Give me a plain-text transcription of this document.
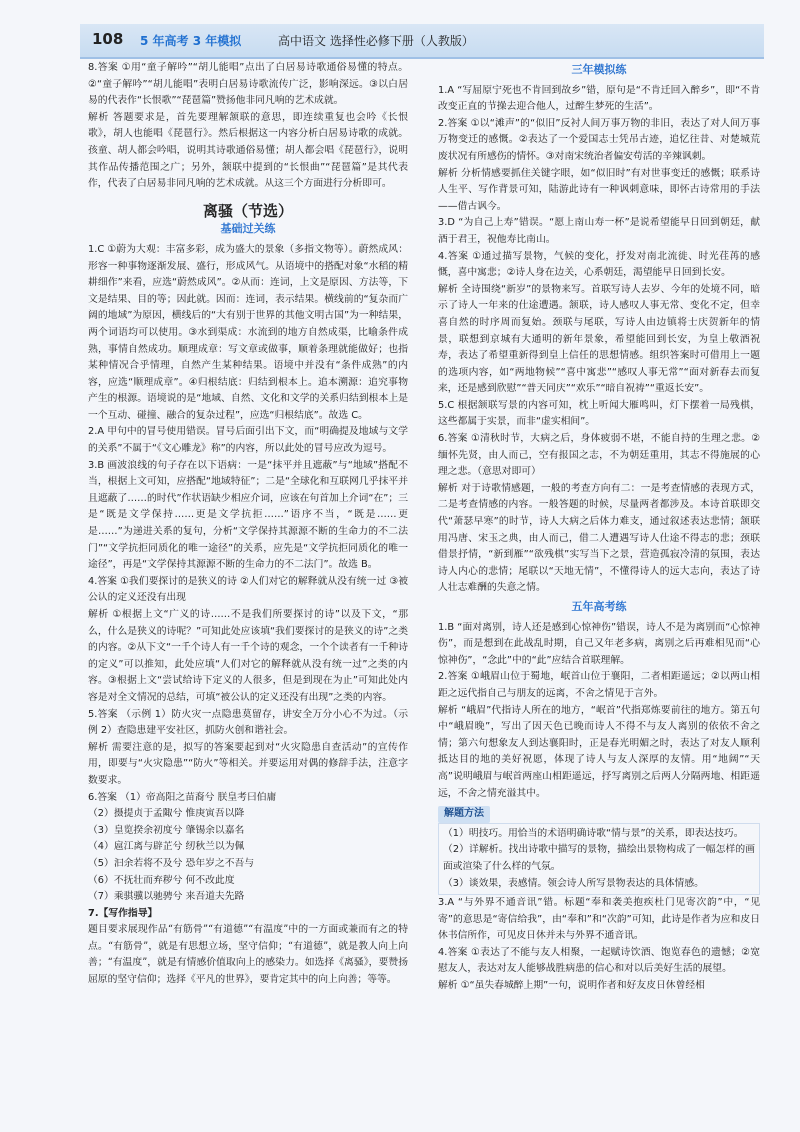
108 5 年高考 3 年模拟	高中语文 选择性必修下册（人教版）

8.答案 ①用“童子解吟”“胡儿能唱”点出了白居易诗歌通俗易懂的特点。②“童子解吟”“胡儿能唱”表明白居易诗歌流传广泛，影响深远。③以白居易的代表作“长恨歌”“琵琶篇”赞扬他非同凡响的艺术成就。

解析 答题要求是，首先要理解颔联的意思，即连续重复也会吟《长恨歌》，胡人也能唱《琵琶行》。然后根据这一内容分析白居易诗歌的成就。孩童、胡人都会吟唱，说明其诗歌通俗易懂；胡人都会唱《琵琶行》，说明其作品传播范围之广；另外，颔联中提到的“长恨曲”“琵琶篇”是其代表作，代表了白居易非同凡响的艺术成就。从这三个方面进行分析即可。

离骚（节选）
基础过关练

1.C ①蔚为大观：丰富多彩，成为盛大的景象（多指文物等）。蔚然成风：形容一种事物逐渐发展、盛行，形成风气。从语境中的搭配对象“水稻的精耕细作”来看，应选“蔚然成风”。②从而：连词，上文是原因、方法等，下文是结果、目的等；因此就。因而：连词，表示结果。横线前的“复杂而广阔的地域”为原因，横线后的“大有别于世界的其他文明古国”为一种结果，两个词语均可以使用。③水到渠成：水流到的地方自然成渠，比喻条件成熟，事情自然成功。顺理成章：写文章或做事，顺着条理就能做好；也指某种情况合乎情理，自然产生某种结果。语境中并没有“条件成熟”的内容，应选“顺理成章”。④归根结底：归结到根本上。追本溯源：追究事物产生的根源。语境说的是“地域、自然、文化和文学的关系归结到根本上是一个互动、碰撞、融合的复杂过程”，应选“归根结底”。故选 C。

2.A 甲句中的冒号使用错误。冒号后面引出下文，而“明确提及地域与文学的关系”不属于“《文心雕龙》称”的内容，所以此处的冒号应改为逗号。

3.B 画波浪线的句子存在以下语病：一是“抹平并且遮蔽”与“地域”搭配不当，根据上文可知，应搭配“地域特征”；二是“全球化和互联网几乎抹平并且遮蔽了……的时代”作状语缺少相应介词，应该在句首加上介词“在”；三是“既是文学保持……更是文学抗拒……”语序不当，“既是……更是……”为递进关系的复句，分析“文学保持其源源不断的生命力的不二法门”“文学抗拒同质化的唯一途径”的关系，应先是“文学抗拒同质化的唯一途径”，再是“文学保持其源源不断的生命力的不二法门”。故选 B。

4.答案 ①我们要探讨的是狭义的诗 ②人们对它的解释就从没有统一过 ③被公认的定义还没有出现

解析 ①根据上文“广义的诗……不是我们所要探讨的诗”以及下文，“那么，什么是狭义的诗呢？”可知此处应该填“我们要探讨的是狭义的诗”之类的内容。②从下文“一千个诗人有一千个诗的观念，一个个读者有一千种诗的定义”可以推知，此处应填“人们对它的解释就从没有统一过”之类的内容。③根据上文“尝试给诗下定义的人很多，但是到现在为止”可知此处内容是对全文情况的总结，可填“被公认的定义还没有出现”之类的内容。

5.答案 （示例 1）防火灾一点隐患莫留存，讲安全万分小心不为过。（示例 2）查隐患建平安社区，抓防火创和谐社会。

解析 需要注意的是，拟写的答案要起到对“火灾隐患自查活动”的宣传作用，即要与“火灾隐患”“防火”等相关。并要运用对偶的修辞手法，注意字数要求。

6.答案 （1）帝高阳之苗裔兮 朕皇考曰伯庸

（2）摄提贞于孟陬兮 惟庚寅吾以降

（3）皇览揆余初度兮 肇锡余以嘉名

（4）扈江离与辟芷兮 纫秋兰以为佩

（5）汩余若将不及兮 恐年岁之不吾与

（6）不抚壮而弃秽兮 何不改此度

（7）乘骐骥以驰骋兮 来吾道夫先路

7.【写作指导】

题目要求展现作品“有筋骨”“有道德”“有温度”中的一方面或兼而有之的特点。“有筋骨”，就是有思想立场，坚守信仰；“有道德”，就是教人向上向善；“有温度”，就是有情感价值取向上的感染力。如选择《离骚》，要赞扬屈原的坚守信仰；选择《平凡的世界》，要肯定其中的向上向善；等等。

三年模拟练

1.A “写屈原宁死也不肯回到故乡”错，原句是“不肯迁回入醉乡”，即“不肯改变正直的节操去迎合他人，过醉生梦死的生活”。

2.答案 ①以“滩声”的“似旧”反衬人间万事万物的非旧，表达了对人间万事万物变迁的感慨。②表达了一个爱国志士凭吊古迹，追忆往昔、对楚城荒废状况有所感伤的情怀。③对南宋统治者偏安苟活的辛辣讽刺。

解析 分析情感要抓住关键字眼，如“似旧时”有对世事变迁的感慨；联系诗人生平、写作背景可知，陆游此诗有一种讽刺意味，即怀古诗常用的手法——借古讽今。

3.D “为自己上寿”错误。“愿上南山寿一杯”是说希望能早日回到朝廷，献酒于君王，祝他寿比南山。

4.答案 ①通过描写景物，气候的变化，抒发对南北流徙、时光荏苒的感慨，喜中寓悲；②诗人身在边关，心系朝廷，渴望能早日回到长安。

解析 全诗围绕“新岁”的景物来写。首联写诗人去岁、今年的处境不同，暗示了诗人一年来的仕途遭遇。颔联，诗人感叹人事无常、变化不定，但幸喜自然的时序周而复始。颈联与尾联，写诗人由边镇将士庆贺新年的情景，联想到京城有大通明的新年景象，希望能回到长安，为皇上敬酒祝寿，表达了希望重新得到皇上信任的思想情感。组织答案时可借用上一题的选项内容，如“两地物候”“喜中寓悲”“感叹人事无常”“面对新春去而复来，还是感到欣慰”“普天同庆”“欢乐”“暗自祝祷”“重返长安”。

5.C 根据颔联写景的内容可知，枕上听闻大雁鸣叫，灯下摆着一局残棋，这些都属于实景，而非“虚实相间”。

6.答案 ①清秋时节，大病之后，身体疲弱不堪，不能自持的生理之悲。②缅怀先贤，由人而己，空有报国之志，不为朝廷重用，其志不得施展的心理之悲。（意思对即可）

解析 对于诗歌情感题，一般的考查方向有二：一是考查情感的表现方式，二是考查情感的内容。一般答题的时候，尽量两者都涉及。本诗首联即交代“萧瑟早寒”的时节，诗人大病之后体力难支，通过叙述表达悲情；颔联用冯唐、宋玉之典，由人而己，借二人遭遇写诗人仕途不得志的悲；颈联借景抒情，“新到雁”“欲残棋”实写当下之景，营造孤寂冷清的氛围，表达诗人内心的悲情；尾联以“天地无情”，不懂得诗人的远大志向，表达了诗人壮志难酬的失意之情。

五年高考练

1.B “面对离别，诗人还是感到心惊神伤”错误，诗人不是为离别而“心惊神伤”，而是想到在此战乱时期，自己又年老多病，离别之后再难相见而“心惊神伤”，“念此”中的“此”应结合首联理解。

2.答案 ①峨眉山位于蜀地，岷首山位于襄阳，二者相距遥远；②以两山相距之远代指自己与朋友的远离，不舍之情见于言外。

解析 “峨眉”代指诗人所在的地方，“岷首”代指郑炼要前往的地方。第五句中“峨眉晚”，写出了因天色已晚而诗人不得不与友人离别的依依不舍之情；第六句想象友人到达襄阳时，正是春光明媚之时，表达了对友人顺利抵达目的地的美好祝愿，体现了诗人与友人深厚的友情。用“地阔”“天高”说明峨眉与岷首两座山相距遥远，抒写离别之后两人分隔两地、相距遥远，不舍之情充溢其中。

解题方法

（1）明技巧。用恰当的术语明确诗歌“情与景”的关系，即表达技巧。

（2）详解析。找出诗歌中描写的景物，描绘出景物构成了一幅怎样的画面或渲染了什么样的气氛。

（3）谈效果，表感情。领会诗人所写景物表达的具体情感。

3.A “与外界不通音讯”错。标题“奉和袭美抱疾杜门见寄次韵”中，“见寄”的意思是“寄信给我”，由“奉和”和“次韵”可知，此诗是作者为应和皮日休书信所作，可见皮日休并未与外界不通音讯。

4.答案 ①表达了不能与友人相聚，一起赋诗饮酒、饱览春色的遗憾；②宽慰友人，表达对友人能够战胜病患的信心和对以后美好生活的展望。

解析 ①“虽失春城醉上期”一句，说明作者和好友皮日休曾经相
